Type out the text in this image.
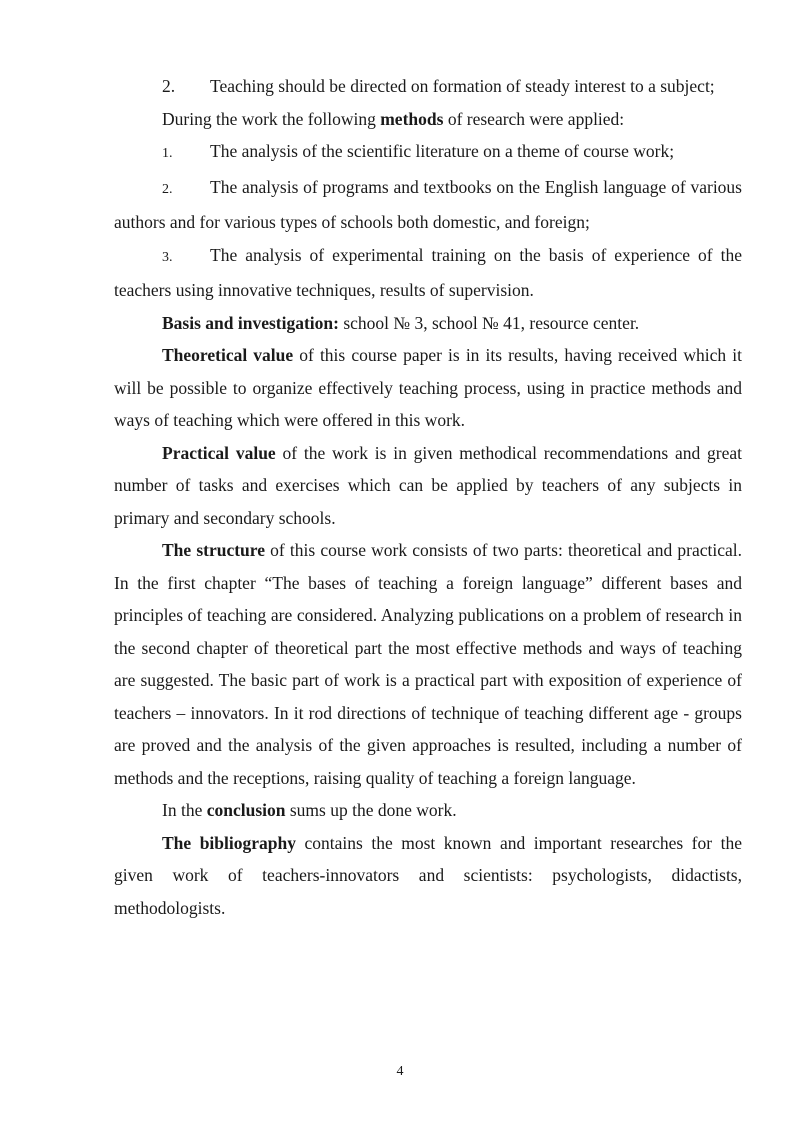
2. Teaching should be directed on formation of steady interest to a subject;

During the work the following methods of research were applied:

1. The analysis of the scientific literature on a theme of course work;

2. The analysis of programs and textbooks on the English language of various authors and for various types of schools both domestic, and foreign;

3. The analysis of experimental training on the basis of experience of the teachers using innovative techniques, results of supervision.

Basis and investigation: school № 3, school № 41, resource center.

Theoretical value of this course paper is in its results, having received which it will be possible to organize effectively teaching process, using in practice methods and ways of teaching which were offered in this work.

Practical value of the work is in given methodical recommendations and great number of tasks and exercises which can be applied by teachers of any subjects in primary and secondary schools.

The structure of this course work consists of two parts: theoretical and practical. In the first chapter “The bases of teaching a foreign language” different bases and principles of teaching are considered. Analyzing publications on a problem of research in the second chapter of theoretical part the most effective methods and ways of teaching are suggested. The basic part of work is a practical part with exposition of experience of teachers – innovators. In it rod directions of technique of teaching different age - groups are proved and the analysis of the given approaches is resulted, including a number of methods and the receptions, raising quality of teaching a foreign language.

In the conclusion sums up the done work.

The bibliography contains the most known and important researches for the given work of teachers-innovators and scientists: psychologists, didactists, methodologists.

4
